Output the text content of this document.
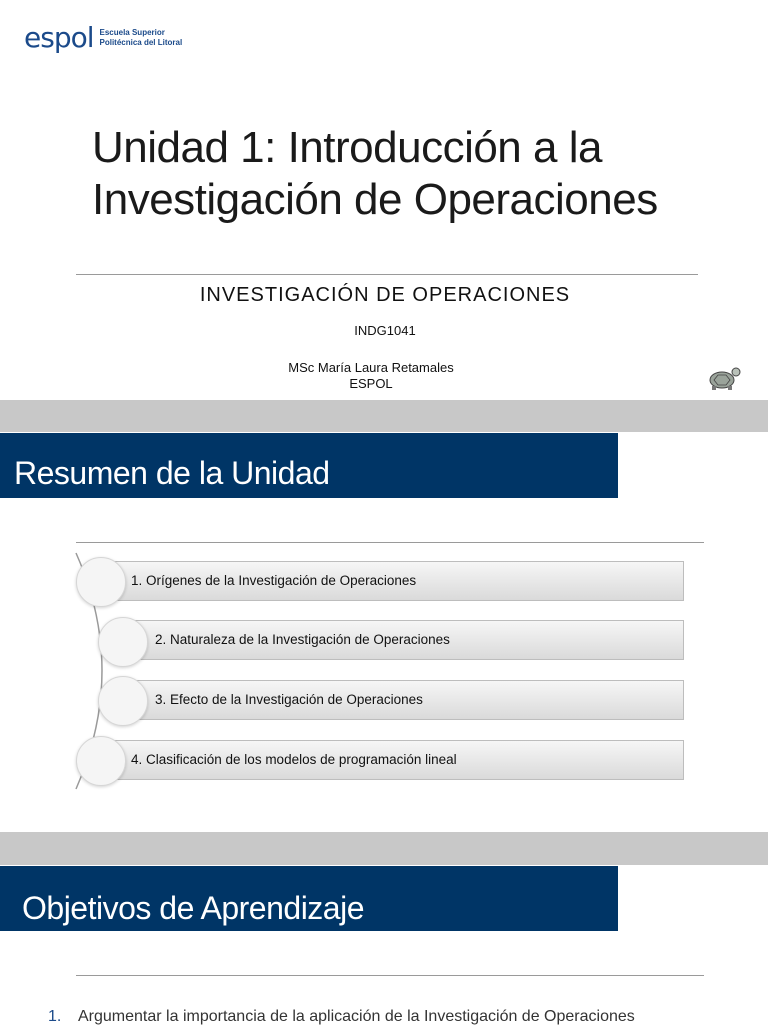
espol Escuela Superior
Politécnica del Litoral
Unidad 1: Introducción a la
Investigación de Operaciones
INVESTIGACIÓN DE OPERACIONES
INDG1041
MSc María Laura Retamales
ESPOL
Resumen de la Unidad
1. Orígenes de la Investigación de Operaciones
2. Naturaleza de la Investigación de Operaciones
3. Efecto de la Investigación de Operaciones
4. Clasificación de los modelos de programación lineal
Objetivos de Aprendizaje
1. Argumentar la importancia de la aplicación de la Investigación de Operaciones
